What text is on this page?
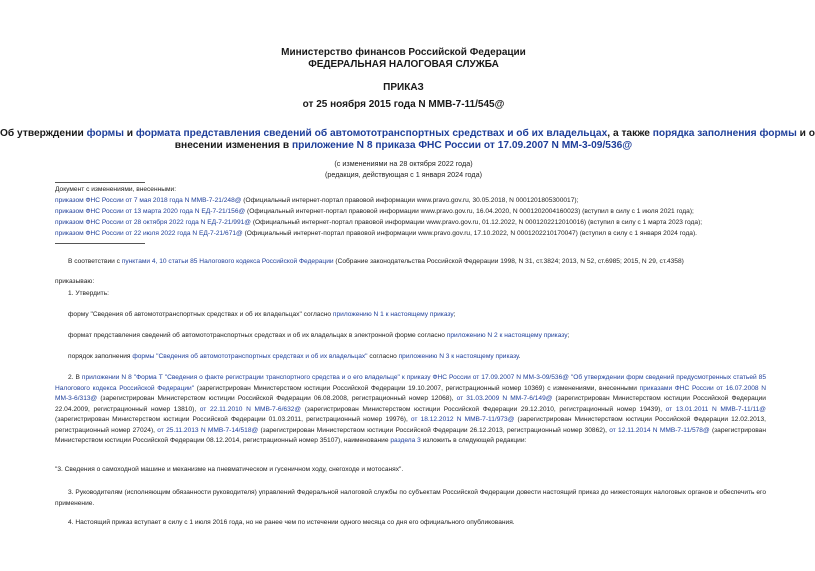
Министерство финансов Российской Федерации
ФЕДЕРАЛЬНАЯ НАЛОГОВАЯ СЛУЖБА
ПРИКАЗ
от 25 ноября 2015 года N ММВ-7-11/545@
Об утверждении формы и формата представления сведений об автомототранспортных средствах и об их владельцах, а также порядка заполнения формы и о
внесении изменения в приложение N 8 приказа ФНС России от 17.09.2007 N ММ-3-09/536@
(с изменениями на 28 октября 2022 года)
(редакция, действующая с 1 января 2024 года)
Документ с изменениями, внесенными:
приказом ФНС России от 7 мая 2018 года N ММВ-7-21/248@ (Официальный интернет-портал правовой информации www.pravo.gov.ru, 30.05.2018, N 0001201805300017);
приказом ФНС России от 13 марта 2020 года N ЕД-7-21/156@ (Официальный интернет-портал правовой информации www.pravo.gov.ru, 16.04.2020, N 0001202004160023) (вступил в силу с 1 июля 2021 года);
приказом ФНС России от 28 октября 2022 года N ЕД-7-21/991@ (Официальный интернет-портал правовой информации www.pravo.gov.ru, 01.12.2022, N 0001202212010016) (вступил в силу с 1 марта 2023 года);
приказом ФНС России от 22 июля 2022 года N ЕД-7-21/671@ (Официальный интернет-портал правовой информации www.pravo.gov.ru, 17.10.2022, N 0001202210170047) (вступил в силу с 1 января 2024 года).
В соответствии с пунктами 4, 10 статьи 85 Налогового кодекса Российской Федерации (Собрание законодательства Российской Федерации 1998, N 31, ст.3824; 2013, N 52, ст.6985; 2015, N 29, ст.4358)
приказываю:
1. Утвердить:
форму "Сведения об автомототранспортных средствах и об их владельцах" согласно приложению N 1 к настоящему приказу;
формат представления сведений об автомототранспортных средствах и об их владельцах в электронной форме согласно приложению N 2 к настоящему приказу;
порядок заполнения формы "Сведения об автомототранспортных средствах и об их владельцах" согласно приложению N 3 к настоящему приказу.
2. В приложении N 8 "Форма Т "Сведения о факте регистрации транспортного средства и о его владельце" к приказу ФНС России от 17.09.2007 N ММ-3-09/536@ "Об утверждении форм сведений предусмотренных статьей 85 Налогового кодекса Российской Федерации" (зарегистрирован Министерством юстиции Российской Федерации 19.10.2007, регистрационный номер 10369) с изменениями, внесенными приказами ФНС России от 16.07.2008 N ММ-3-6/313@ (зарегистрирован Министерством юстиции Российской Федерации 06.08.2008, регистрационный номер 12068), от 31.03.2009 N ММ-7-6/149@ (зарегистрирован Министерством юстиции Российской Федерации 22.04.2009, регистрационный номер 13810), от 22.11.2010 N ММВ-7-6/632@ (зарегистрирован Министерством юстиции Российской Федерации 29.12.2010, регистрационный номер 19439), от 13.01.2011 N ММВ-7-11/11@ (зарегистрирован Министерством юстиции Российской Федерации 01.03.2011, регистрационный номер 19976), от 18.12.2012 N ММВ-7-11/973@ (зарегистрирован Министерством юстиции Российской Федерации 12.02.2013, регистрационный номер 27024), от 25.11.2013 N ММВ-7-14/518@ (зарегистрирован Министерством юстиции Российской Федерации 26.12.2013, регистрационный номер 30862), от 12.11.2014 N ММВ-7-11/578@ (зарегистрирован Министерством юстиции Российской Федерации 08.12.2014, регистрационный номер 35107), наименование раздела 3 изложить в следующей редакции:
"3. Сведения о самоходной машине и механизме на пневматическом и гусеничном ходу, снегоходе и мотосанях".
3. Руководителям (исполняющим обязанности руководителя) управлений Федеральной налоговой службы по субъектам Российской Федерации довести настоящий приказ до нижестоящих налоговых органов и обеспечить его применение.
4. Настоящий приказ вступает в силу с 1 июля 2016 года, но не ранее чем по истечении одного месяца со дня его официального опубликования.
